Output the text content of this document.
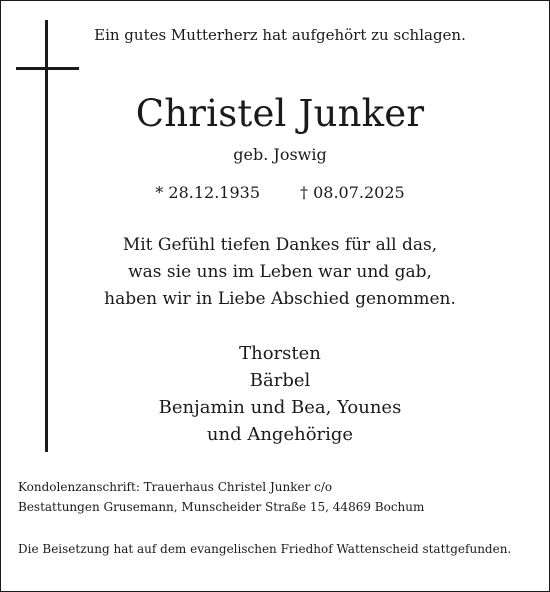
Ein gutes Mutterherz hat aufgehört zu schlagen.
Christel Junker
geb. Joswig
* 28.12.1935	† 08.07.2025
Mit Gefühl tiefen Dankes für all das,
was sie uns im Leben war und gab,
haben wir in Liebe Abschied genommen.
Thorsten
Bärbel
Benjamin und Bea, Younes
und Angehörige
Kondolenzanschrift: Trauerhaus Christel Junker c/o
Bestattungen Grusemann, Munscheider Straße 15, 44869 Bochum
Die Beisetzung hat auf dem evangelischen Friedhof Wattenscheid stattgefunden.
